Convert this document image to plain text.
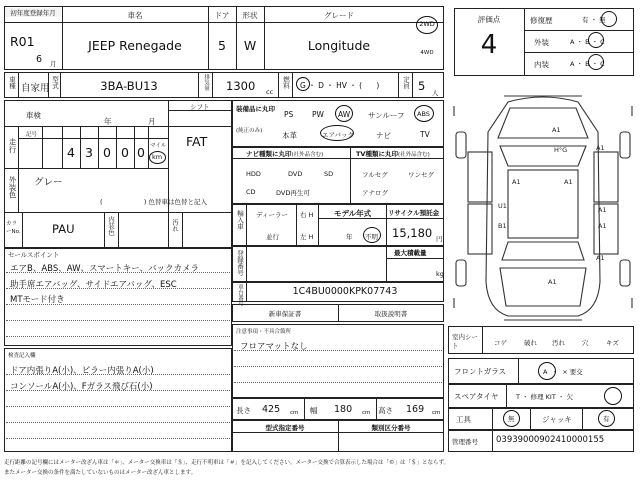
初年度登録年月
R01
6 月
車名
JEEP Renegade
ドア
5
形状
W
グレード
Longitude
2WD
4WD
車種 自家用 型式	3BA-BU13	排気量 1300 cc
燃料 G ・ D ・ HV ・ (      )	定員 5 人
車検
年	月
シフト
FAT
走行
記号
4 3 0 0 0 マイル
km
外装色 グレー
(                    ) 色替車は色替と記入
カラーNo.	PAU	内装色	汚れ
装備品に丸印
(純正のみ)
PS PW AW サンルーフ ABS
本革	エアバック	ナビ	TV
ナビ種類に丸印(社外品含む)
HDD	DVD	SD
CD	DVD再生可
TV種類に丸印(社外品含む)
フルセグ	ワンセグ
アナログ
輸入車 ディーラー
並行
右 H
左 H
モデル年式
年 不明
リサイクル預託金
15,180 円
登録番号	最大積載量
kg
車台番号	1C4BU0000KPK07743
新車保証書	取扱説明書
セールスポイント
エアB、ABS、AW、スマートキー、バックカメラ
助手席エアバッグ、サイドエアバッグ、ESC
MTモード付き
注意事項・不具合箇所
フロアマットなし
検査記入欄
ドア内張りA(小)、ピラー内張りA(小)
コンソールA(小)、Fガラス飛び石(小)
長さ 425 cm 幅 180 cm 高さ 169 cm
型式指定番号	類別区分番号
評価点
4
修復歴	有 ・ 無
外装	A ・ B ・ C
内装	A ・ B ・ C
A1
A1	A1
A1
H°G
U1
B1
A1
A1
A1
A1
室内シート	コゲ	破れ 汚れ	穴	キズ
フロントガラス	A  ・  × 要交
スペアタイヤ	T ・ 修理 KIT ・ 欠
工具	無	ジャッキ	有
管理番号 03939000902410000155
走行距離の記号欄にはメーター改ざん車は「＊」、メーター交換車は「＄」、走行不明車は「＃」を記入してください。メーター交換で合算表示した場合は「©」は「＄」とならず。
またメーター交換の条件を満たしていないものはメーター改ざん車とします。
